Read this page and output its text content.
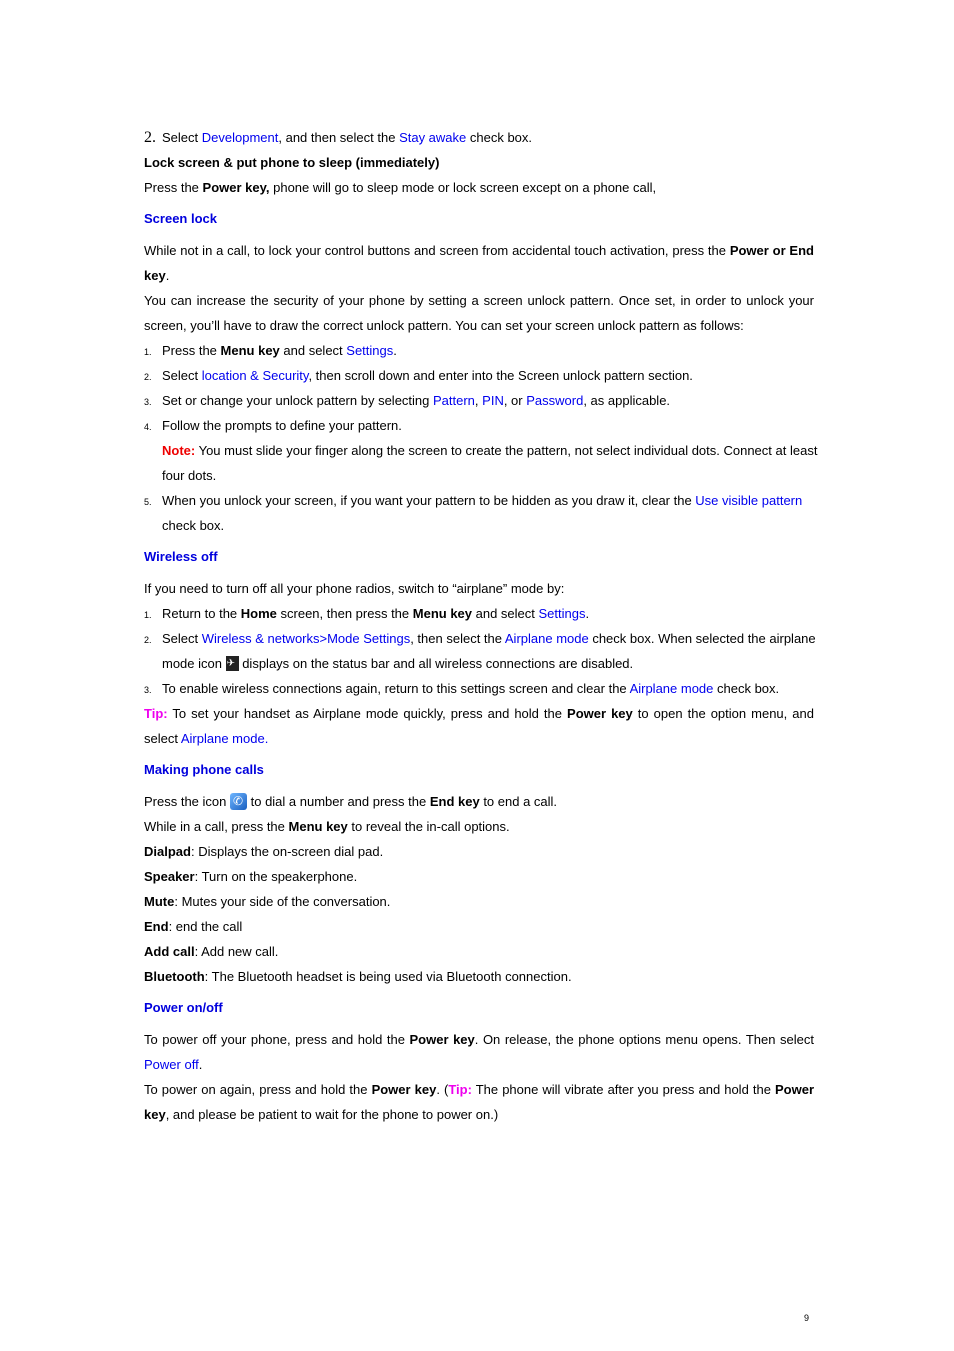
2. Select Development, and then select the Stay awake check box.
Lock screen & put phone to sleep (immediately)
Press the Power key, phone will go to sleep mode or lock screen except on a phone call,
Screen lock
While not in a call, to lock your control buttons and screen from accidental touch activation, press the Power or End
key.
You can increase the security of your phone by setting a screen unlock pattern. Once set, in order to unlock your
screen, you’ll have to draw the correct unlock pattern. You can set your screen unlock pattern as follows:
1. Press the Menu key and select Settings.
2. Select location & Security, then scroll down and enter into the Screen unlock pattern section.
3. Set or change your unlock pattern by selecting Pattern, PIN, or Password, as applicable.
4. Follow the prompts to define your pattern.
Note: You must slide your finger along the screen to create the pattern, not select individual dots. Connect at least
four dots.
5. When you unlock your screen, if you want your pattern to be hidden as you draw it, clear the Use visible pattern
check box.
Wireless off
If you need to turn off all your phone radios, switch to “airplane” mode by:
1. Return to the Home screen, then press the Menu key and select Settings.
2. Select Wireless & networks>Mode Settings, then select the Airplane mode check box. When selected the airplane
mode icon ✈ displays on the status bar and all wireless connections are disabled.
3. To enable wireless connections again, return to this settings screen and clear the Airplane mode check box.
Tip: To set your handset as Airplane mode quickly, press and hold the Power key to open the option menu, and
select Airplane mode.
Making phone calls
Press the icon ✆ to dial a number and press the End key to end a call.
While in a call, press the Menu key to reveal the in-call options.
Dialpad: Displays the on-screen dial pad.
Speaker: Turn on the speakerphone.
Mute: Mutes your side of the conversation.
End: end the call
Add call: Add new call.
Bluetooth: The Bluetooth headset is being used via Bluetooth connection.
Power on/off
To power off your phone, press and hold the Power key. On release, the phone options menu opens. Then select
Power off.
To power on again, press and hold the Power key. (Tip: The phone will vibrate after you press and hold the Power
key, and please be patient to wait for the phone to power on.)
9
